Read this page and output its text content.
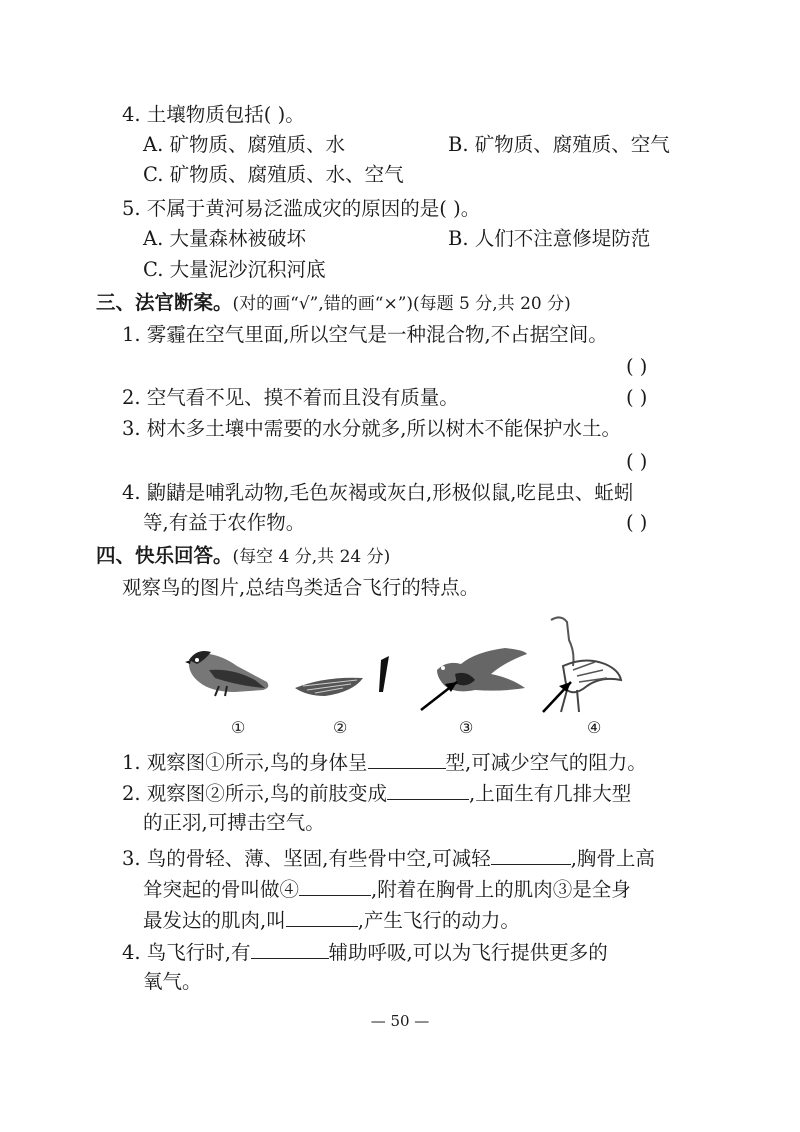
4. 土壤物质包括( )。
A. 矿物质、腐殖质、水	B. 矿物质、腐殖质、空气
C. 矿物质、腐殖质、水、空气
5. 不属于黄河易泛滥成灾的原因的是( )。
A. 大量森林被破坏	B. 人们不注意修堤防范
C. 大量泥沙沉积河底
三、法官断案。(对的画“√”,错的画“×”)(每题 5 分,共 20 分)
1. 雾霾在空气里面,所以空气是一种混合物,不占据空间。
( )
2. 空气看不见、摸不着而且没有质量。	( )
3. 树木多土壤中需要的水分就多,所以树木不能保护水土。
( )
4. 鼩鼱是哺乳动物,毛色灰褐或灰白,形极似鼠,吃昆虫、蚯蚓
等,有益于农作物。	( )
四、快乐回答。(每空 4 分,共 24 分)
观察鸟的图片,总结鸟类适合飞行的特点。
①	②	③	④
1. 观察图①所示,鸟的身体呈	型,可减少空气的阻力。
2. 观察图②所示,鸟的前肢变成	,上面生有几排大型
的正羽,可搏击空气。
3. 鸟的骨轻、薄、坚固,有些骨中空,可减轻	,胸骨上高
耸突起的骨叫做④	,附着在胸骨上的肌肉③是全身
最发达的肌肉,叫	,产生飞行的动力。
4. 鸟飞行时,有	辅助呼吸,可以为飞行提供更多的
氧气。
— 50 —
